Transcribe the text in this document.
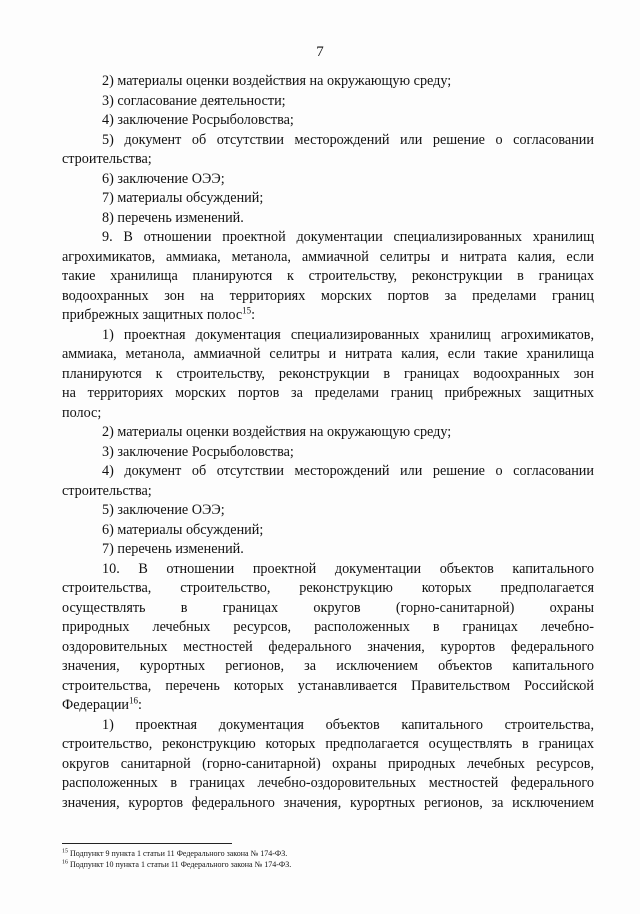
7
2) материалы оценки воздействия на окружающую среду;
3) согласование деятельности;
4) заключение Росрыболовства;
5) документ об отсутствии месторождений или решение о согласовании
строительства;
6) заключение ОЭЭ;
7) материалы обсуждений;
8) перечень изменений.
9. В отношении проектной документации специализированных хранилищ
агрохимикатов, аммиака, метанола, аммиачной селитры и нитрата калия, если
такие хранилища планируются к строительству, реконструкции в границах
водоохранных зон на территориях морских портов за пределами границ
прибрежных защитных полос$^{15}$:
1) проектная документация специализированных хранилищ агрохимикатов,
аммиака, метанола, аммиачной селитры и нитрата калия, если такие хранилища
планируются к строительству, реконструкции в границах водоохранных зон
на территориях морских портов за пределами границ прибрежных защитных
полос;
2) материалы оценки воздействия на окружающую среду;
3) заключение Росрыболовства;
4) документ об отсутствии месторождений или решение о согласовании
строительства;
5) заключение ОЭЭ;
6) материалы обсуждений;
7) перечень изменений.
10. В отношении проектной документации объектов капитального
строительства, строительство, реконструкцию которых предполагается
осуществлять в границах округов (горно-санитарной) охраны
природных лечебных ресурсов, расположенных в границах лечебно-
оздоровительных местностей федерального значения, курортов федерального
значения, курортных регионов, за исключением объектов капитального
строительства, перечень которых устанавливается Правительством Российской
Федерации$^{16}$:
1) проектная документация объектов капитального строительства,
строительство, реконструкцию которых предполагается осуществлять в границах
округов санитарной (горно-санитарной) охраны природных лечебных ресурсов,
расположенных в границах лечебно-оздоровительных местностей федерального
значения, курортов федерального значения, курортных регионов, за исключением
$^{15}$ Подпункт 9 пункта 1 статьи 11 Федерального закона № 174-ФЗ.
$^{16}$ Подпункт 10 пункта 1 статьи 11 Федерального закона № 174-ФЗ.
